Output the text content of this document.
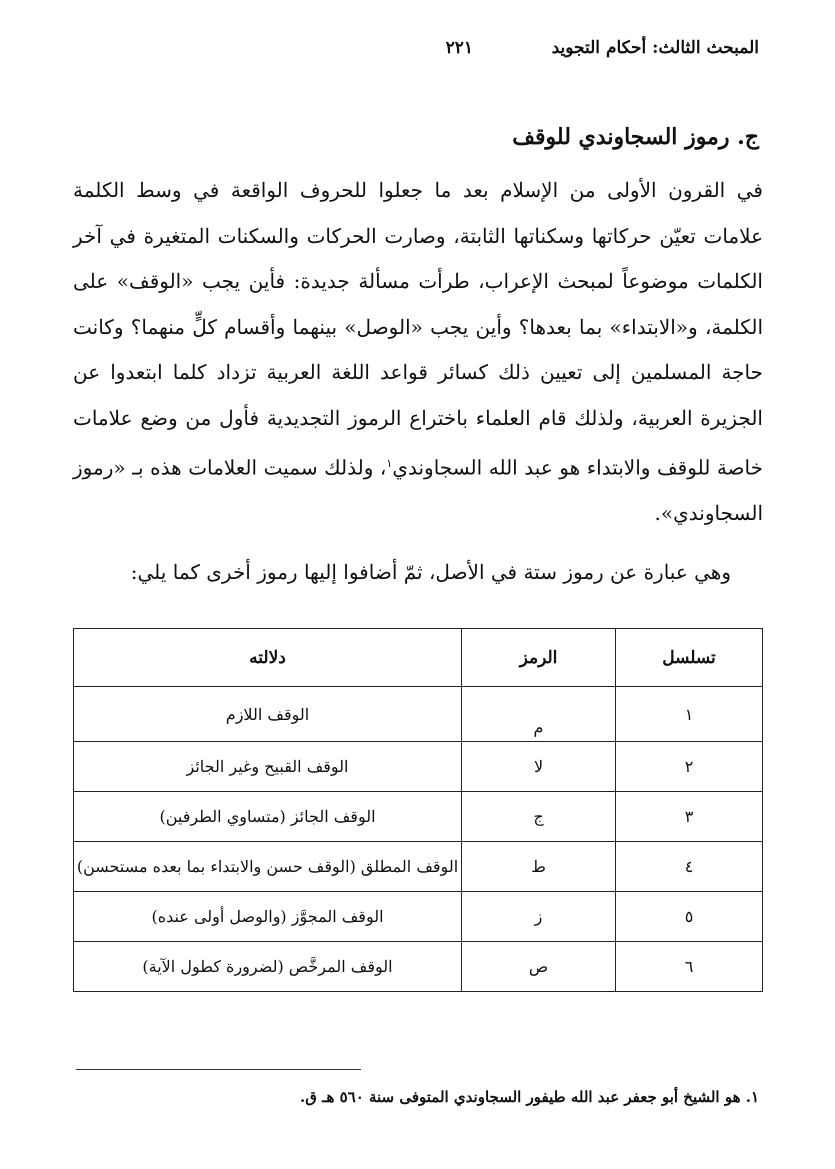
المبحث الثالث: أحكام التجويد
٢٢١
ج. رموز السجاوندي للوقف
في القرون الأولى من الإسلام بعد ما جعلوا للحروف الواقعة في وسط الكلمة علامات تعيّن حركاتها وسكناتها الثابتة، وصارت الحركات والسكنات المتغيرة في آخر الكلمات موضوعاً لمبحث الإعراب، طرأت مسألة جديدة: فأين يجب «الوقف» على الكلمة، و«الابتداء» بما بعدها؟ وأين يجب «الوصل» بينهما وأقسام كلٍّ منهما؟ وكانت حاجة المسلمين إلى تعيين ذلك كسائر قواعد اللغة العربية تزداد كلما ابتعدوا عن الجزيرة العربية، ولذلك قام العلماء باختراع الرموز التجديدية فأول من وضع علامات خاصة للوقف والابتداء هو عبد الله السجاوندي$^١$، ولذلك سميت العلامات هذه بـ «رموز السجاوندي».
وهي عبارة عن رموز ستة في الأصل، ثمّ أضافوا إليها رموز أخرى كما يلي:
تسلسل	الرمز	دلالته
١	م	الوقف اللازم
٢	لا	الوقف القبيح وغير الجائز
٣	ج	الوقف الجائز (متساوي الطرفين)
٤	ط	الوقف المطلق (الوقف حسن والابتداء بما بعده مستحسن)
٥	ز	الوقف المجوَّز (والوصل أولى عنده)
٦	ص	الوقف المرخَّص (لضرورة كطول الآية)
١. هو الشيخ أبو جعفر عبد الله طيفور السجاوندي المتوفى سنة ٥٦٠ هـ ق.
